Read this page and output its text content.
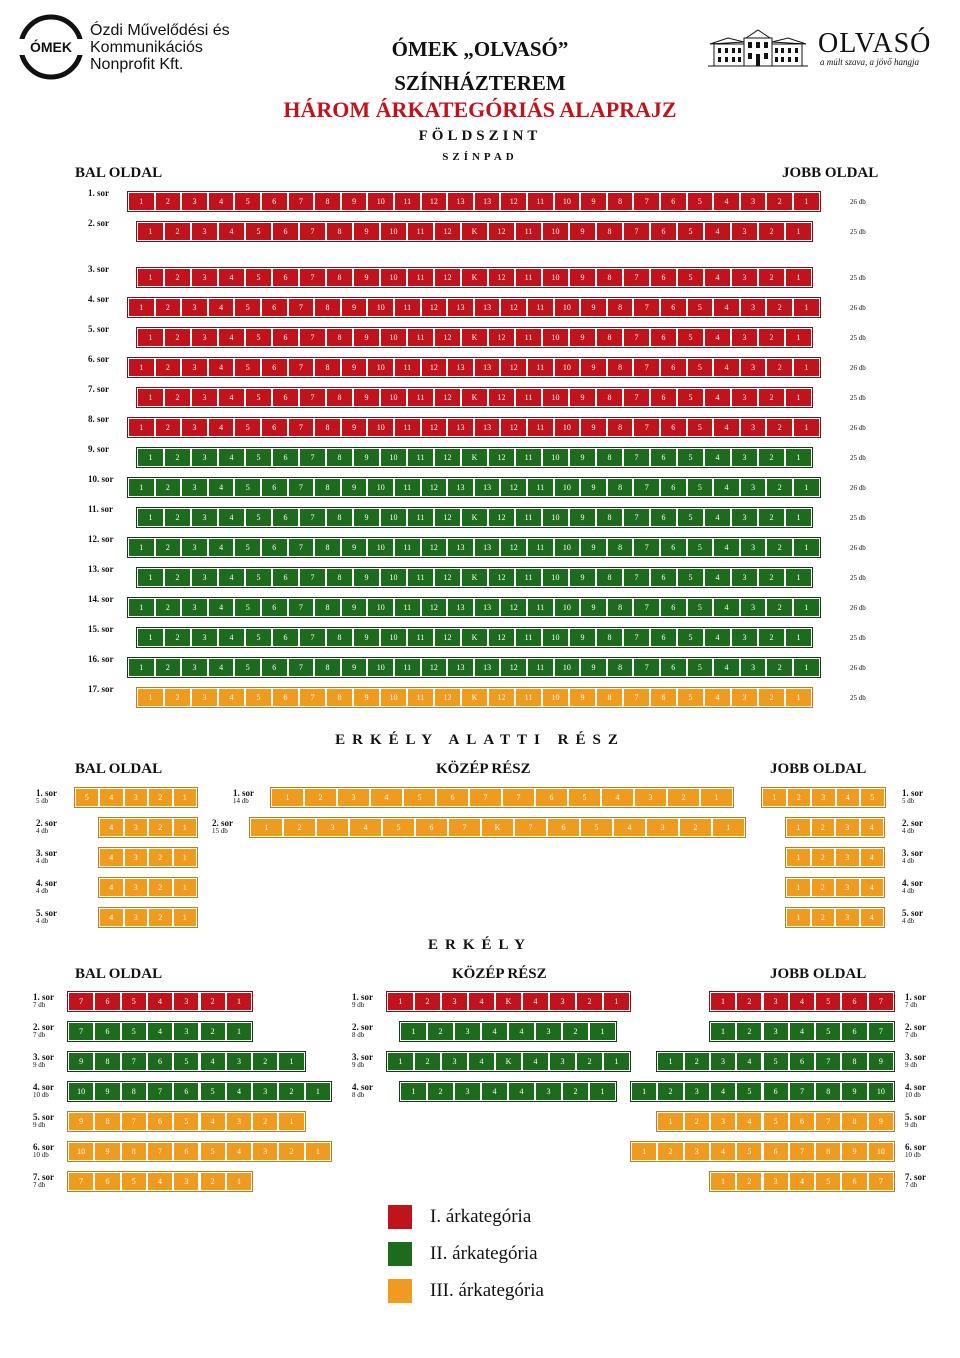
ÓMEK
Ózdi Művelődési és
Kommunikációs
Nonprofit Kft.
ÓMEK „OLVASÓ”
SZÍNHÁZTEREM
HÁROM ÁRKATEGÓRIÁS ALAPRAJZ
FÖLDSZINT
SZÍNPAD
OLVASÓ
a múlt szava, a jövő hangja
BAL OLDAL	JOBB OLDAL
ERKÉLY ALATTI RÉSZ
BAL OLDAL	KÖZÉP RÉSZ	JOBB OLDAL
ERKÉLY
BAL OLDAL	KÖZÉP RÉSZ	JOBB OLDAL
1	2	3	4	5	6	7	8	9	10	11	12	13	13	12	11	10	9	8	7	6	5	4	3	2	1
1. sor
26 db
1	2	3	4	5	6	7	8	9	10	11	12	K	12	11	10	9	8	7	6	5	4	3	2	1
2. sor
25 db
1	2	3	4	5	6	7	8	9	10	11	12	K	12	11	10	9	8	7	6	5	4	3	2	1
3. sor
25 db
1	2	3	4	5	6	7	8	9	10	11	12	13	13	12	11	10	9	8	7	6	5	4	3	2	1
4. sor
26 db
1	2	3	4	5	6	7	8	9	10	11	12	K	12	11	10	9	8	7	6	5	4	3	2	1
5. sor
25 db
1	2	3	4	5	6	7	8	9	10	11	12	13	13	12	11	10	9	8	7	6	5	4	3	2	1
6. sor
26 db
1	2	3	4	5	6	7	8	9	10	11	12	K	12	11	10	9	8	7	6	5	4	3	2	1
7. sor
25 db
1	2	3	4	5	6	7	8	9	10	11	12	13	13	12	11	10	9	8	7	6	5	4	3	2	1
8. sor
26 db
1	2	3	4	5	6	7	8	9	10	11	12	K	12	11	10	9	8	7	6	5	4	3	2	1
9. sor
25 db
1	2	3	4	5	6	7	8	9	10	11	12	13	13	12	11	10	9	8	7	6	5	4	3	2	1
10. sor
26 db
1	2	3	4	5	6	7	8	9	10	11	12	K	12	11	10	9	8	7	6	5	4	3	2	1
11. sor
25 db
1	2	3	4	5	6	7	8	9	10	11	12	13	13	12	11	10	9	8	7	6	5	4	3	2	1
12. sor
26 db
1	2	3	4	5	6	7	8	9	10	11	12	K	12	11	10	9	8	7	6	5	4	3	2	1
13. sor
25 db
1	2	3	4	5	6	7	8	9	10	11	12	13	13	12	11	10	9	8	7	6	5	4	3	2	1
14. sor
26 db
1	2	3	4	5	6	7	8	9	10	11	12	K	12	11	10	9	8	7	6	5	4	3	2	1
15. sor
25 db
1	2	3	4	5	6	7	8	9	10	11	12	13	13	12	11	10	9	8	7	6	5	4	3	2	1
16. sor
26 db
1	2	3	4	5	6	7	8	9	10	11	12	K	12	11	10	9	8	7	6	5	4	3	2	1
17. sor
25 db
5	4	3	2	1
1. sor
5 db
4	3	2	1
2. sor
4 db
4	3	2	1
3. sor
4 db
4	3	2	1
4. sor
4 db
4	3	2	1
5. sor
4 db
1	2	3	4	5	6	7	7	6	5	4	3	2	1
1. sor
14 db
1	2	3	4	5	6	7	K	7	6	5	4	3	2	1
2. sor
15 db
1	2	3	4	5	1. sor
5 db
1	2	3	4	2. sor
4 db
1	2	3	4	3. sor
4 db
1	2	3	4	4. sor
4 db
1	2	3	4	5. sor
4 db
7	6	5	4	3	2	1
1. sor
7 db
7	6	5	4	3	2	1
2. sor
7 db
9	8	7	6	5	4	3	2	1
3. sor
9 db
10	9	8	7	6	5	4	3	2	1
4. sor
10 db
9	8	7	6	5	4	3	2	1
5. sor
9 db
10	9	8	7	6	5	4	3	2	1
6. sor
10 db
7	6	5	4	3	2	1
7. sor
7 db
1	2	3	4	K	4	3	2	1
1. sor
9 db
1	2	3	4	4	3	2	1
2. sor
8 db
1	2	3	4	K	4	3	2	1
3. sor
9 db
1	2	3	4	4	3	2	1
4. sor
8 db
1	2	3	4	5	6	7	1. sor
7 db
1	2	3	4	5	6	7	2. sor
7 db
1	2	3	4	5	6	7	8	9	3. sor
9 db
1	2	3	4	5	6	7	8	9	10	4. sor
10 db
1	2	3	4	5	6	7	8	9	5. sor
9 db
1	2	3	4	5	6	7	8	9	10	6. sor
10 db
1	2	3	4	5	6	7	7. sor
7 db
I. árkategória
II. árkategória
III. árkategória
